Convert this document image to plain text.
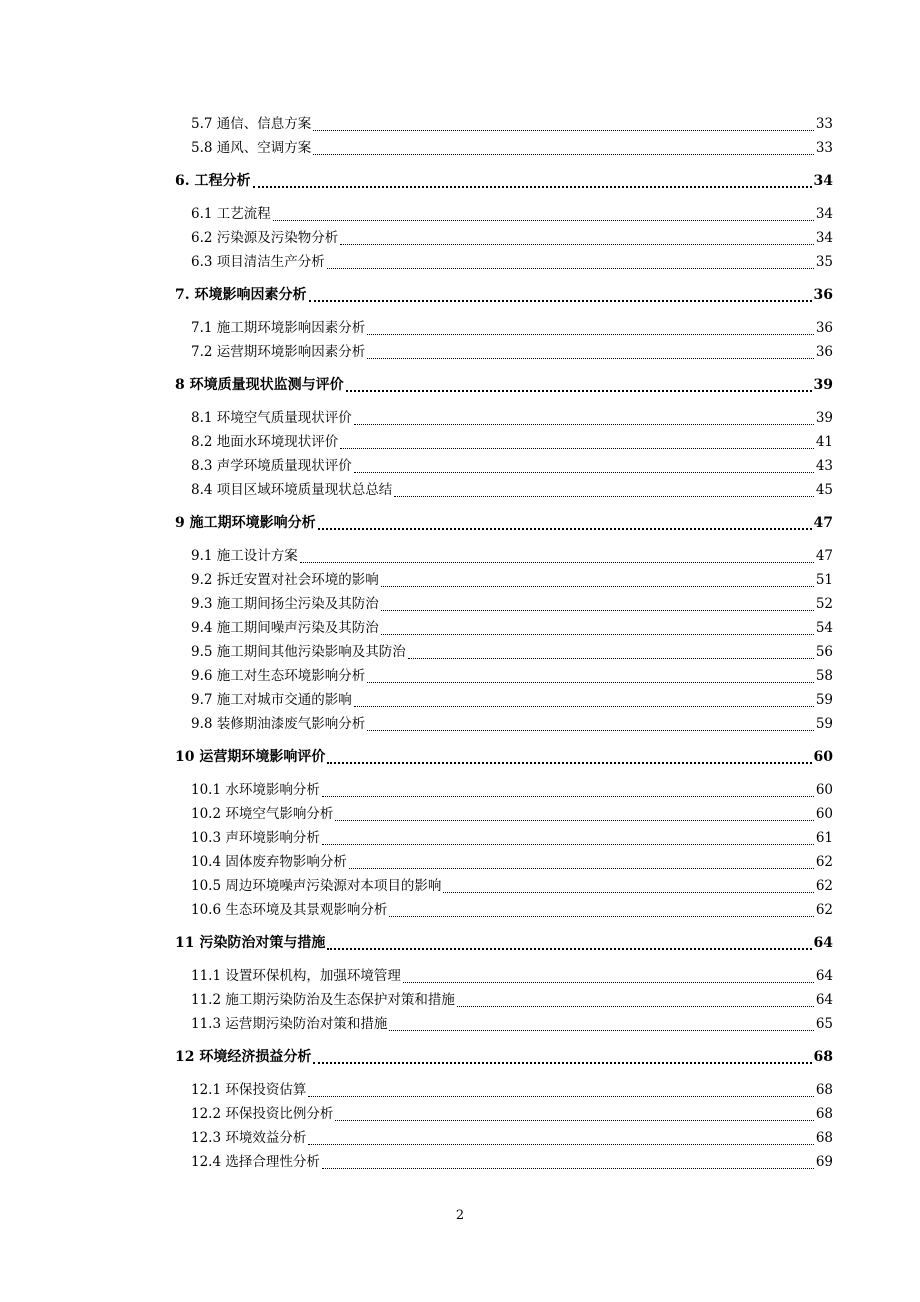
5.7 通信、信息方案	33
5.8 通风、空调方案	33
6. 工程分析	34
6.1 工艺流程	34
6.2 污染源及污染物分析	34
6.3 项目清洁生产分析	35
7. 环境影响因素分析	36
7.1 施工期环境影响因素分析	36
7.2 运营期环境影响因素分析	36
8 环境质量现状监测与评价	39
8.1 环境空气质量现状评价	39
8.2 地面水环境现状评价	41
8.3 声学环境质量现状评价	43
8.4 项目区域环境质量现状总总结	45
9 施工期环境影响分析	47
9.1 施工设计方案	47
9.2 拆迁安置对社会环境的影响	51
9.3 施工期间扬尘污染及其防治	52
9.4 施工期间噪声污染及其防治	54
9.5 施工期间其他污染影响及其防治	56
9.6 施工对生态环境影响分析	58
9.7 施工对城市交通的影响	59
9.8 装修期油漆废气影响分析	59
10 运营期环境影响评价	60
10.1 水环境影响分析	60
10.2 环境空气影响分析	60
10.3 声环境影响分析	61
10.4 固体废弃物影响分析	62
10.5 周边环境噪声污染源对本项目的影响	62
10.6 生态环境及其景观影响分析	62
11 污染防治对策与措施	64
11.1 设置环保机构，加强环境管理	64
11.2 施工期污染防治及生态保护对策和措施	64
11.3 运营期污染防治对策和措施	65
12 环境经济损益分析	68
12.1 环保投资估算	68
12.2 环保投资比例分析	68
12.3 环境效益分析	68
12.4 选择合理性分析	69
2
